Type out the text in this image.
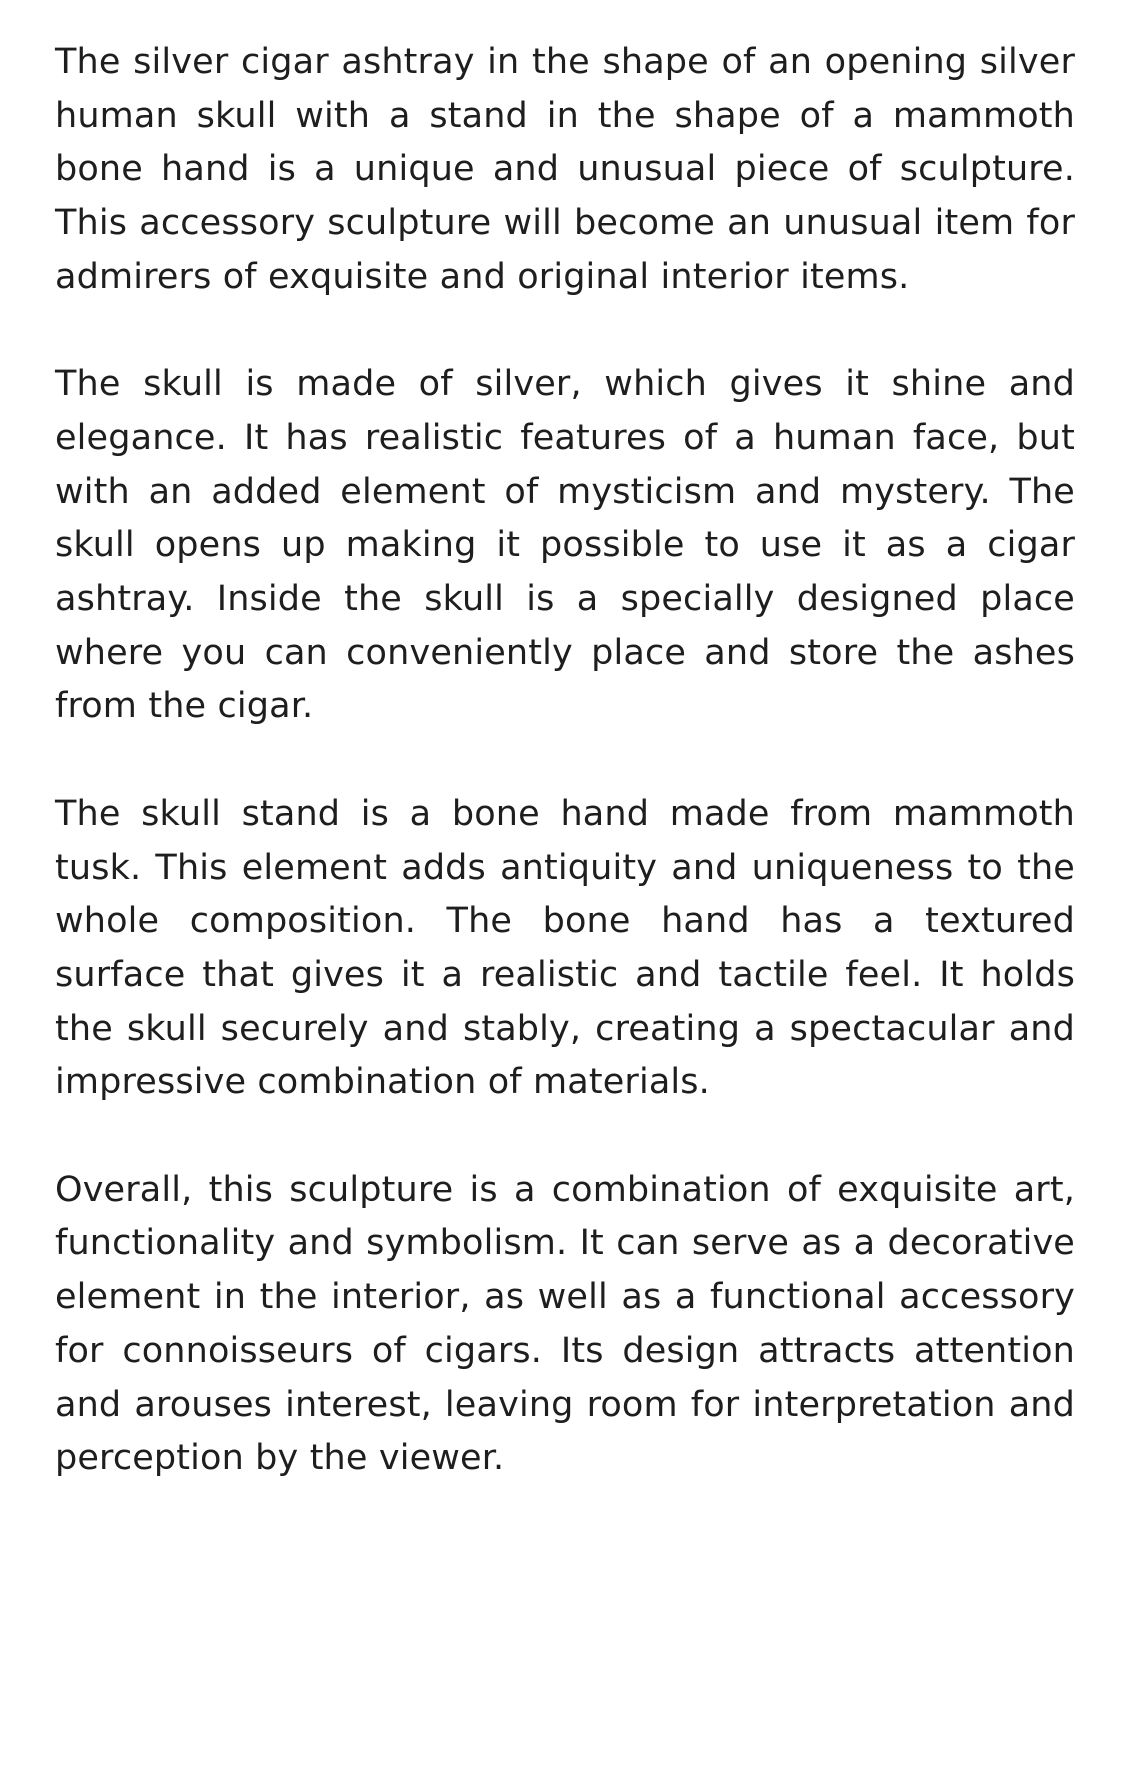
The silver cigar ashtray in the shape of an opening silver human skull with a stand in the shape of a mammoth bone hand is a unique and unusual piece of sculpture. This accessory sculpture will become an unusual item for admirers of exquisite and original interior items.

The skull is made of silver, which gives it shine and elegance. It has realistic features of a human face, but with an added element of mysticism and mystery. The skull opens up making it possible to use it as a cigar ashtray. Inside the skull is a specially designed place where you can conveniently place and store the ashes from the cigar.

The skull stand is a bone hand made from mammoth tusk. This element adds antiquity and uniqueness to the whole composition. The bone hand has a textured surface that gives it a realistic and tactile feel. It holds the skull securely and stably, creating a spectacular and impressive combination of materials.

Overall, this sculpture is a combination of exquisite art, functionality and symbolism. It can serve as a decorative element in the interior, as well as a functional accessory for connoisseurs of cigars. Its design attracts attention and arouses interest, leaving room for interpretation and perception by the viewer.
